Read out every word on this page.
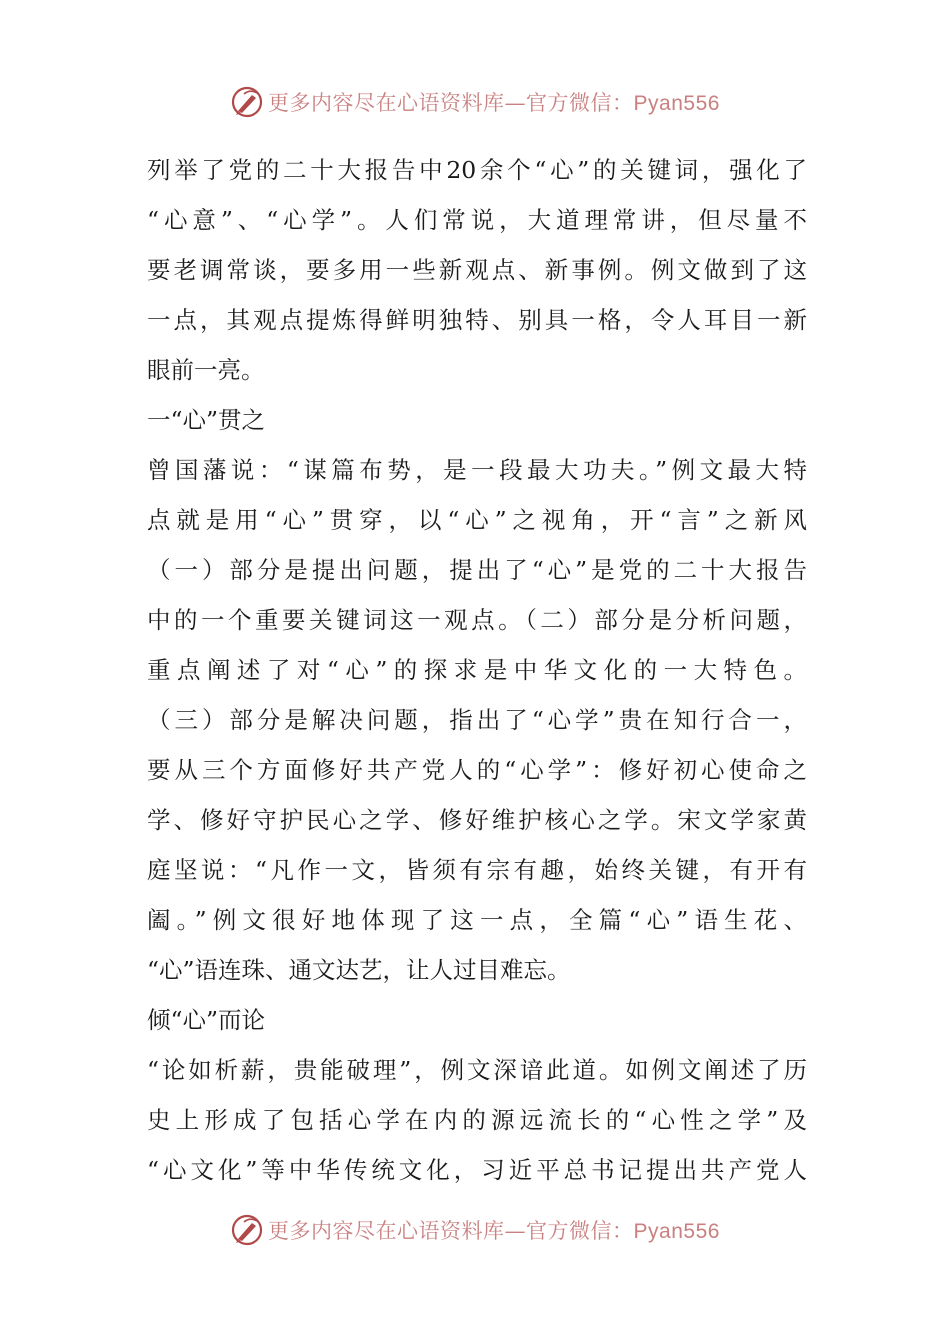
更多内容尽在心语资料库—官方微信：Pyan556
列举了党的二十大报告中20余个“心”的关键词，强化了
“心意”、“心学”。人们常说，大道理常讲，但尽量不
要老调常谈，要多用一些新观点、新事例。例文做到了这
一点，其观点提炼得鲜明独特、别具一格，令人耳目一新
眼前一亮。
一“心”贯之
曾国藩说：“谋篇布势，是一段最大功夫。”例文最大特
点就是用“心”贯穿，以“心”之视角，开“言”之新风
（一）部分是提出问题，提出了“心”是党的二十大报告
中的一个重要关键词这一观点。（二）部分是分析问题，
重点阐述了对“心”的探求是中华文化的一大特色。
（三）部分是解决问题，指出了“心学”贵在知行合一，
要从三个方面修好共产党人的“心学”：修好初心使命之
学、修好守护民心之学、修好维护核心之学。宋文学家黄
庭坚说：“凡作一文，皆须有宗有趣，始终关键，有开有
阖。”例文很好地体现了这一点，全篇“心”语生花、
“心”语连珠、通文达艺，让人过目难忘。
倾“心”而论
“论如析薪，贵能破理”，例文深谙此道。如例文阐述了历
史上形成了包括心学在内的源远流长的“心性之学”及
“心文化”等中华传统文化，习近平总书记提出共产党人
更多内容尽在心语资料库—官方微信：Pyan556
